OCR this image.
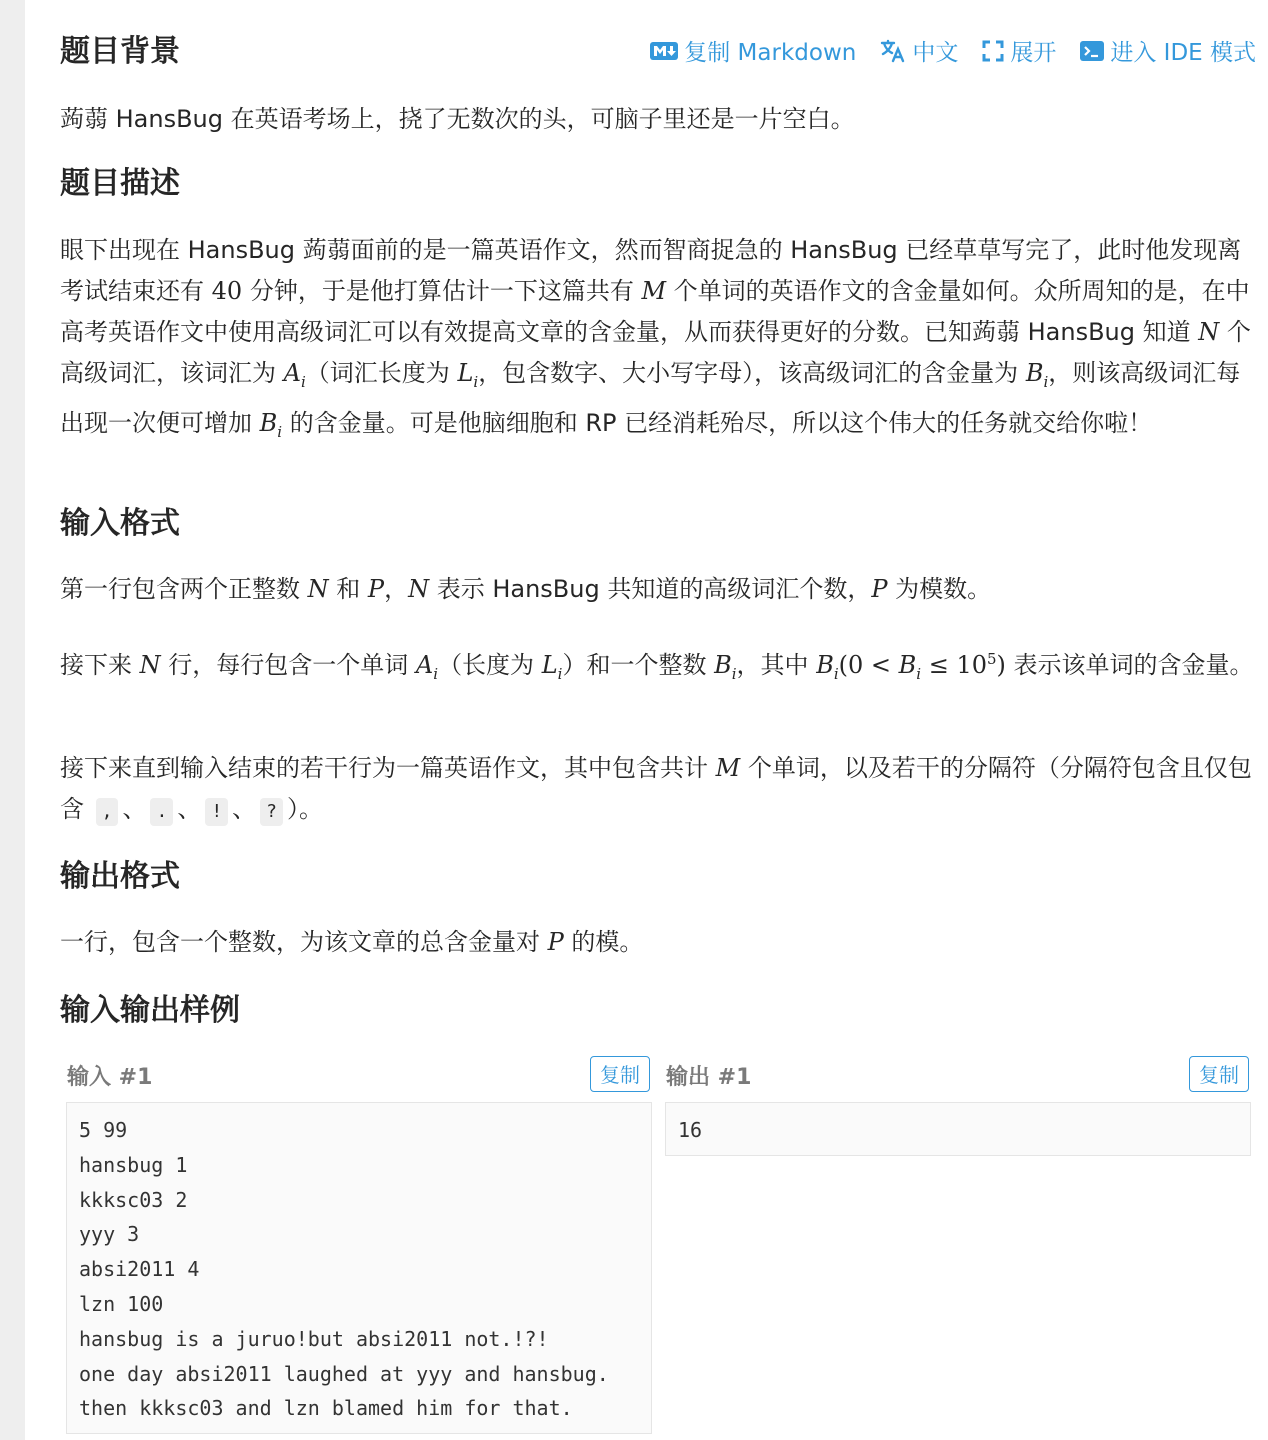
复制 Markdown 中文 展开 进入 IDE 模式
题目背景

蒟蒻 HansBug 在英语考场上，挠了无数次的头，可脑子里还是一片空白。

题目描述

眼下出现在 HansBug 蒟蒻面前的是一篇英语作文，然而智商捉急的 HansBug 已经草草写完了，此时他发现离考试结束还有 40 分钟，于是他打算估计一下这篇共有 M 个单词的英语作文的含金量如何。众所周知的是，在中高考英语作文中使用高级词汇可以有效提高文章的含金量，从而获得更好的分数。已知蒟蒻 HansBug 知道 N 个高级词汇，该词汇为 $A_i$（词汇长度为 $L_i$，包含数字、大小写字母），该高级词汇的含金量为 $B_i$，则该高级词汇每出现一次便可增加 $B_i$ 的含金量。可是他脑细胞和 RP 已经消耗殆尽，所以这个伟大的任务就交给你啦！

输入格式

第一行包含两个正整数 N 和 P，N 表示 HansBug 共知道的高级词汇个数，P 为模数。

接下来 N 行，每行包含一个单词 $A_i$（长度为 $L_i$）和一个整数 $B_i$，其中 $B_i(0 < B_i \le 10^5)$ 表示该单词的含金量。

接下来直到输入结束的若干行为一篇英语作文，其中包含共计 M 个单词，以及若干的分隔符（分隔符包含且仅包含 , 、 . 、 ! 、 ? ）。

输出格式

一行，包含一个整数，为该文章的总含金量对 P 的模。

输入输出样例
输入 #1	复制
5 99
hansbug 1
kkksc03 2
yyy 3
absi2011 4
lzn 100
hansbug is a juruo!but absi2011 not.!?!
one day absi2011 laughed at yyy and hansbug.
then kkksc03 and lzn blamed him for that.
输出 #1	复制
16
